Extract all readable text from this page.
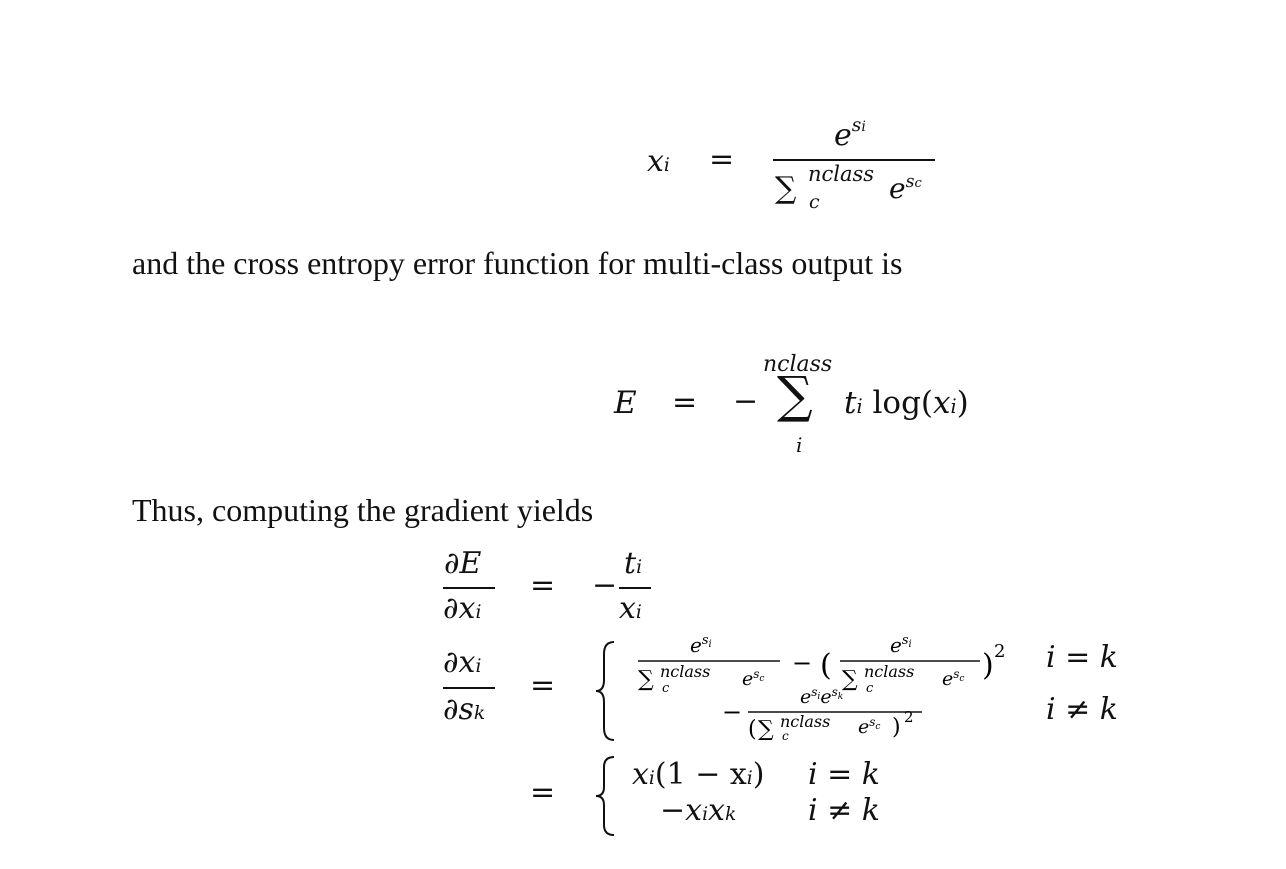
xi =
$e^{si}$
∑ nclass
c $e^{sc}$
and the cross entropy error function for multi-class output is
E = −
nclass
∑
i
ti log(xi)
Thus, computing the gradient yields
∂E
∂xi
= −
ti
xi
∂xi
∂sk
=
$e^si$
∑ nclass
c	$e^sc$
− (
$e^si$
∑ nclass
c	$e^sc$ ) 2
−
$e^sie^sk$
( ∑ nclass
c	$e^sc$ ) 2
i = k
i ≠ k
=
xi(1 − xi) i = k
−xixk i ≠ k
